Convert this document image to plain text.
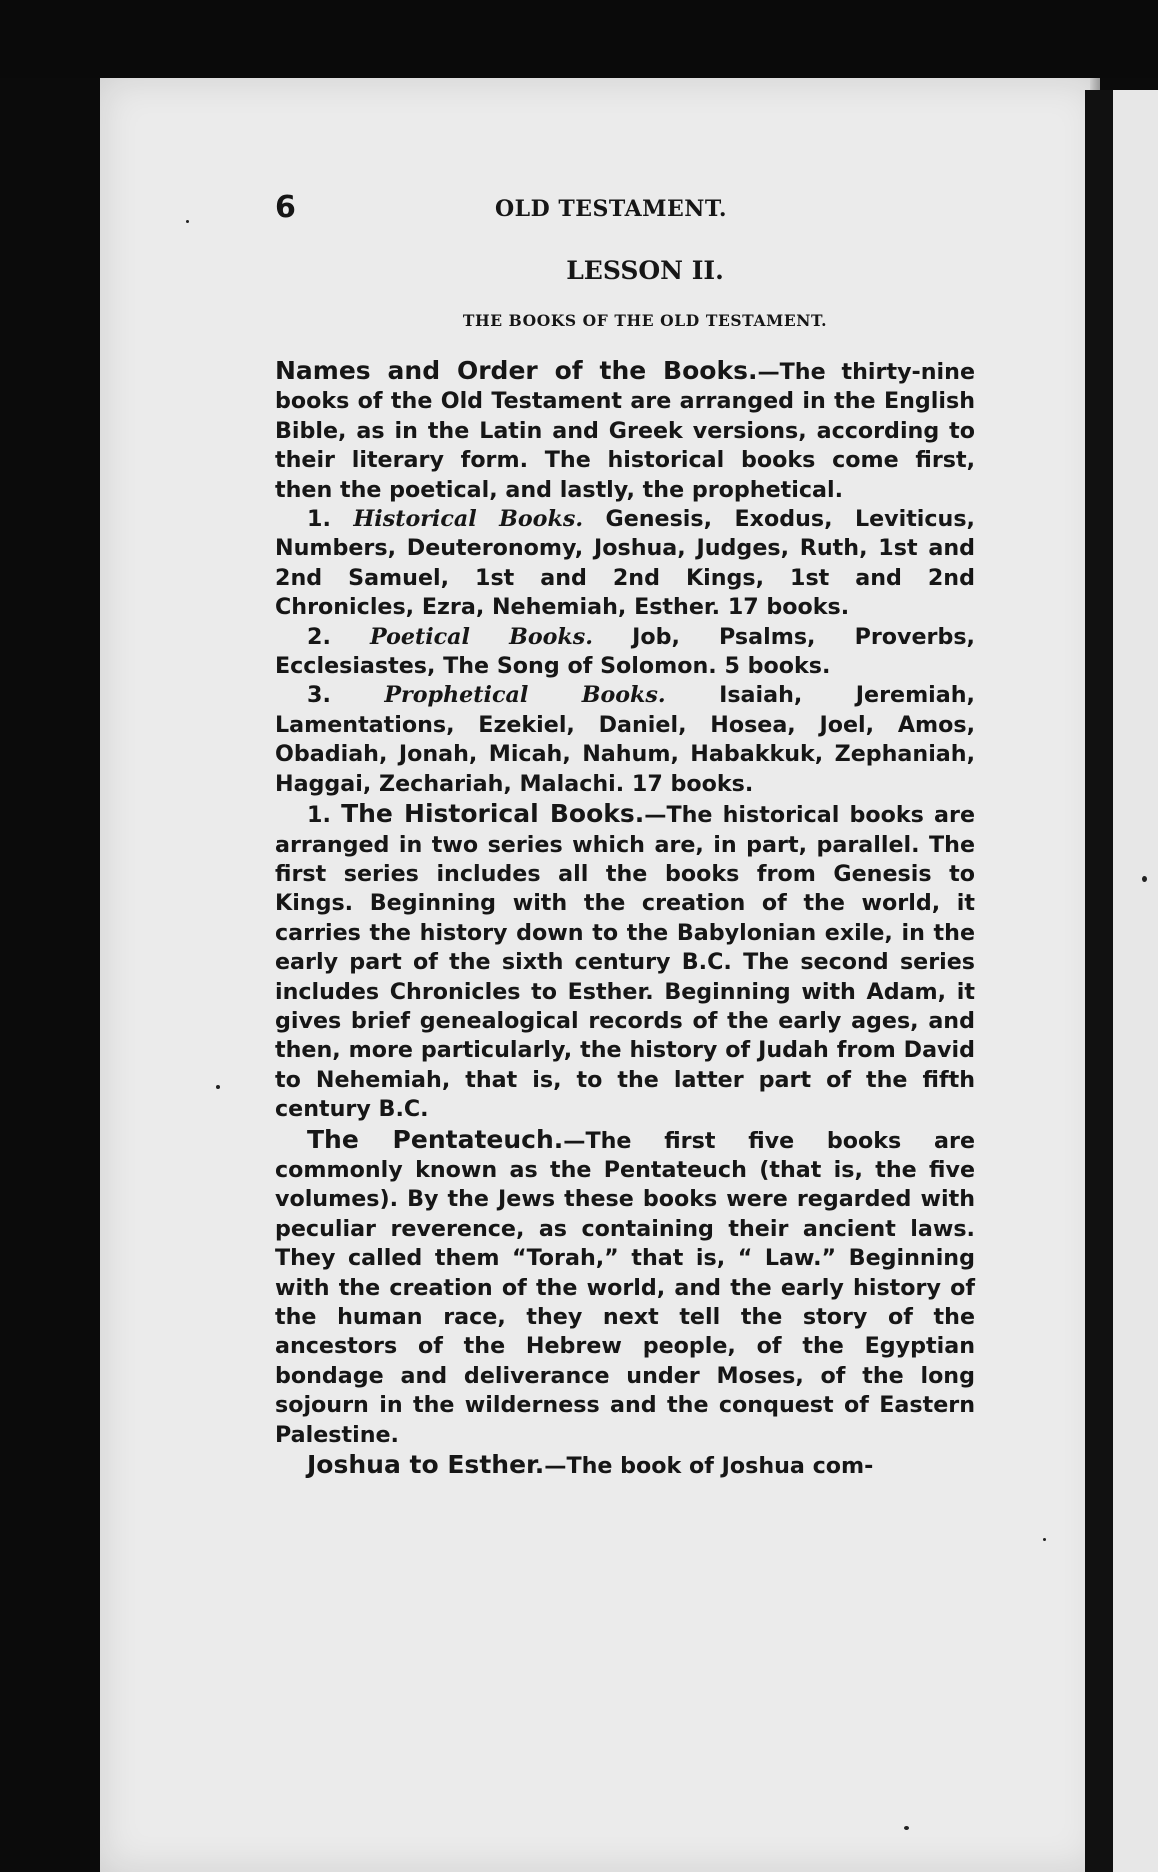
6	OLD TESTAMENT.
LESSON II.
THE BOOKS OF THE OLD TESTAMENT.

Names and Order of the Books.—The thirty-nine books of the Old Testament are arranged in the English Bible, as in the Latin and Greek versions, according to their literary form. The historical books come first, then the poetical, and lastly, the prophetical.

1. Historical Books. Genesis, Exodus, Leviticus, Numbers, Deuteronomy, Joshua, Judges, Ruth, 1st and 2nd Samuel, 1st and 2nd Kings, 1st and 2nd Chronicles, Ezra, Nehemiah, Esther. 17 books.

2. Poetical Books. Job, Psalms, Proverbs, Ecclesiastes, The Song of Solomon. 5 books.

3. Prophetical Books. Isaiah, Jeremiah, Lamentations, Ezekiel, Daniel, Hosea, Joel, Amos, Obadiah, Jonah, Micah, Nahum, Habakkuk, Zephaniah, Haggai, Zechariah, Malachi. 17 books.

1. The Historical Books.—The historical books are arranged in two series which are, in part, parallel. The first series includes all the books from Genesis to Kings. Beginning with the creation of the world, it carries the history down to the Babylonian exile, in the early part of the sixth century B.C. The second series includes Chronicles to Esther. Beginning with Adam, it gives brief genealogical records of the early ages, and then, more particularly, the history of Judah from David to Nehemiah, that is, to the latter part of the fifth century B.C.

The Pentateuch.—The first five books are commonly known as the Pentateuch (that is, the five volumes). By the Jews these books were regarded with peculiar reverence, as containing their ancient laws. They called them “Torah,” that is, “ Law.” Beginning with the creation of the world, and the early history of the human race, they next tell the story of the ancestors of the Hebrew people, of the Egyptian bondage and deliverance under Moses, of the long sojourn in the wilderness and the conquest of Eastern Palestine.

Joshua to Esther.—The book of Joshua com-
